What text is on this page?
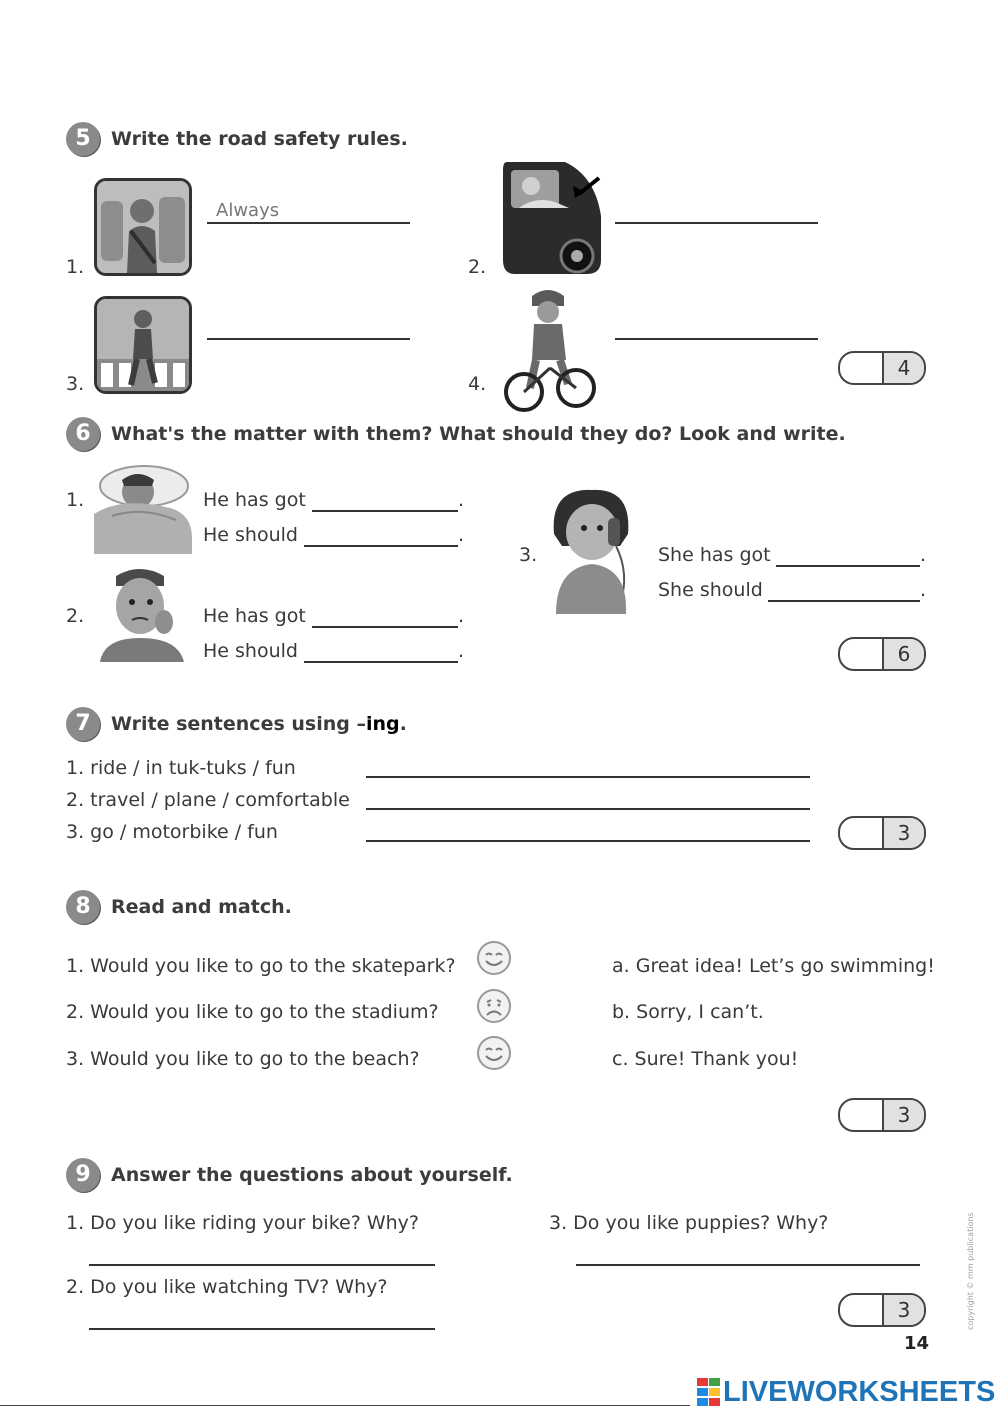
5	Write the road safety rules.
1.
Always	2.
3.	4.
4
6	What's the matter with them? What should they do? Look and write.
1.	He has got	.
He should	.
2.	He has got	.
He should	.
3.	She has got	.
She should	.
6
7	Write sentences using –ing.
1. ride / in tuk-tuks / fun
2. travel / plane / comfortable
3. go / motorbike / fun	3
8	Read and match.
1. Would you like to go to the skatepark?
2. Would you like to go to the stadium?
3. Would you like to go to the beach?
a. Great idea! Let’s go swimming!
b. Sorry, I can’t.
c. Sure! Thank you!
3
9	Answer the questions about yourself.
1. Do you like riding your bike? Why?
2. Do you like watching TV? Why?
3. Do you like puppies? Why?
3	copyright © mm publications
14
LIVEWORKSHEETS
